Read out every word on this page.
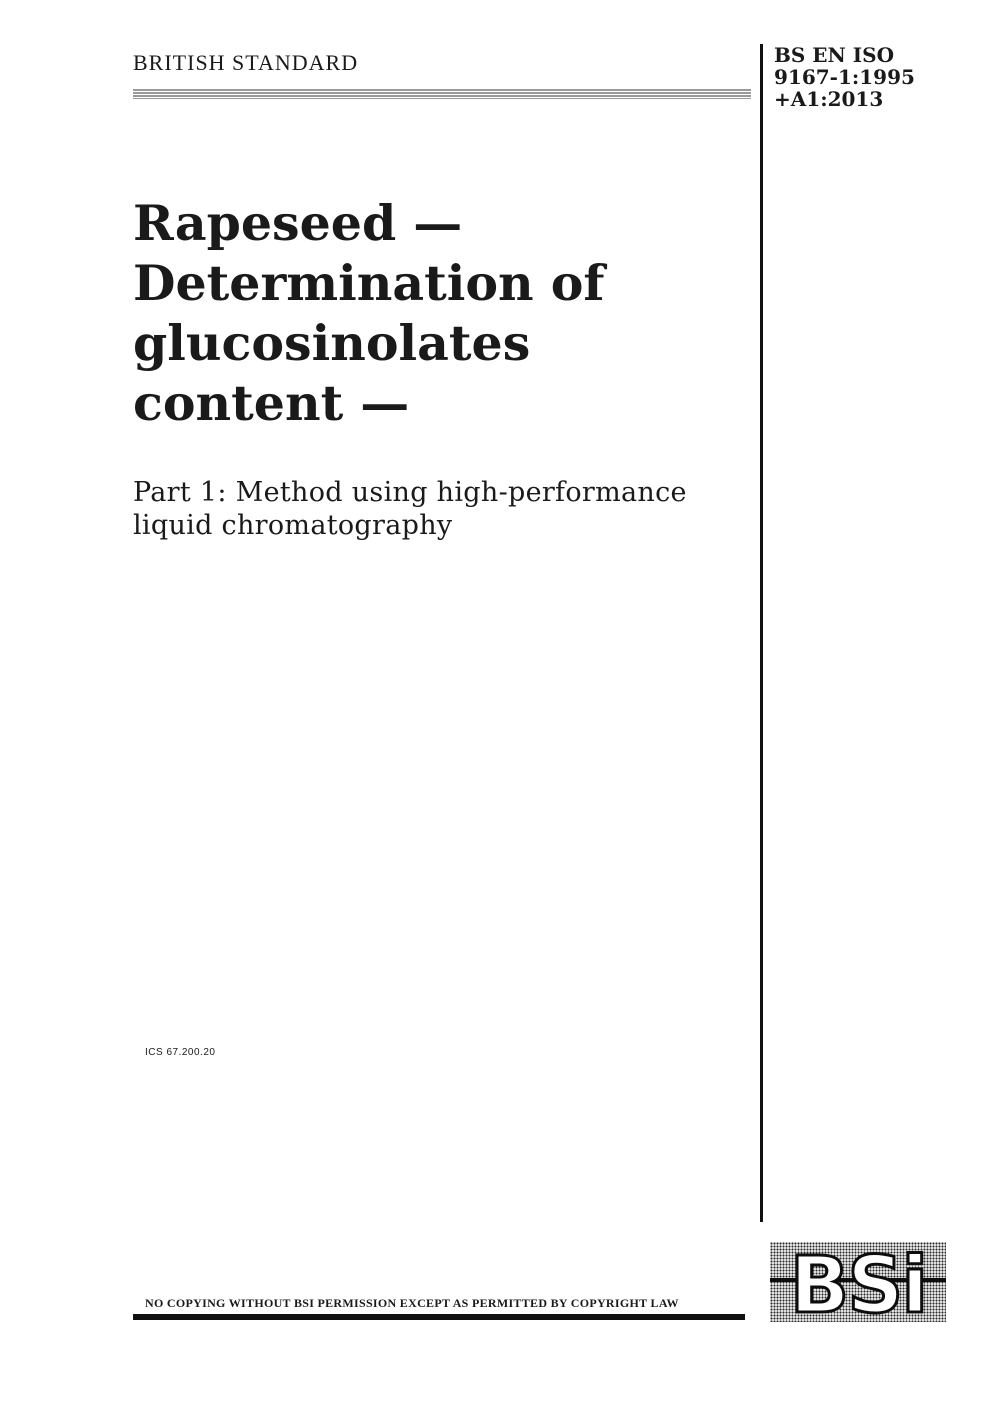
BRITISH STANDARD	BS EN ISO
9167-1:1995
+A1:2013
Rapeseed —
Determination of
glucosinolates
content —
Part 1: Method using high-performance
liquid chromatography
ICS 67.200.20
NO COPYING WITHOUT BSI PERMISSION EXCEPT AS PERMITTED BY COPYRIGHT LAW BSi
